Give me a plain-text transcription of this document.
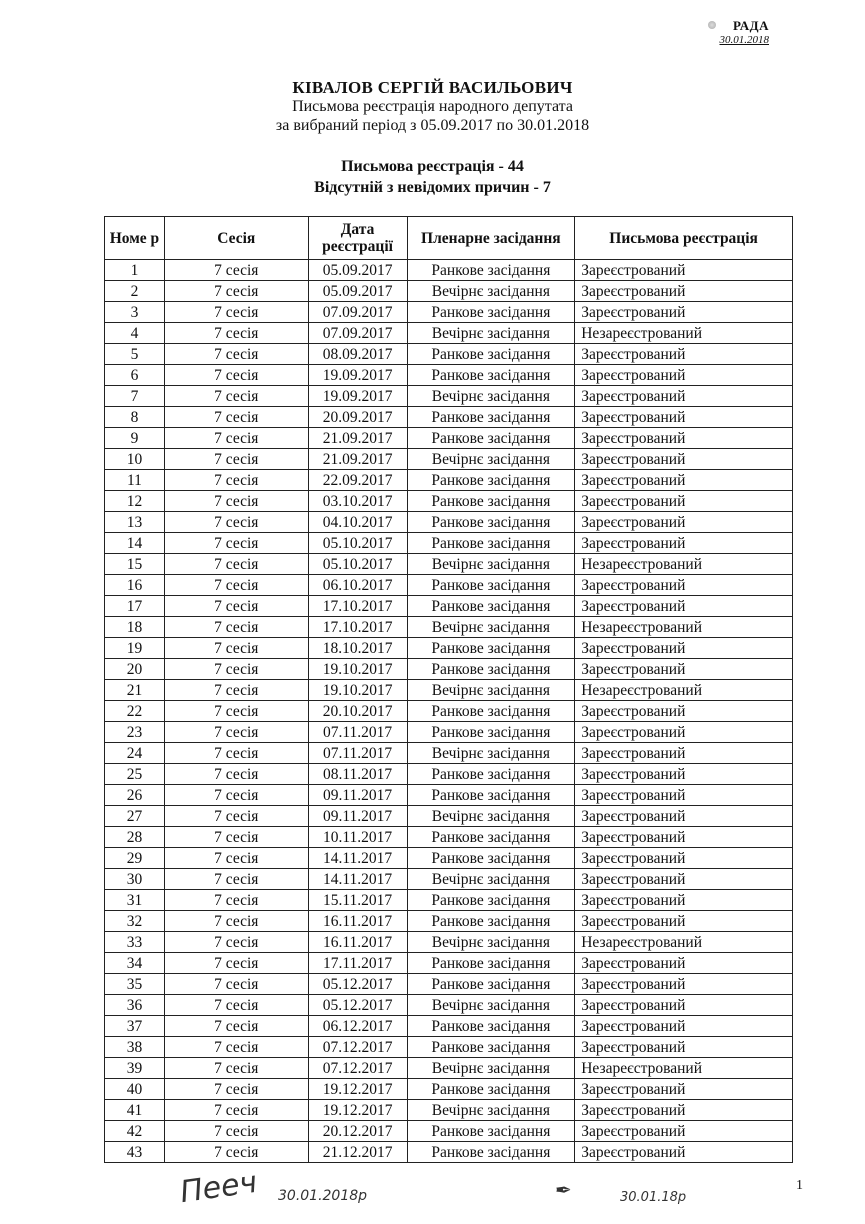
РАДА
30.01.2018
КІВАЛОВ СЕРГІЙ ВАСИЛЬОВИЧ
Письмова реєстрація народного депутата
за вибраний період з 05.09.2017 по 30.01.2018
Письмова реєстрація - 44
Відсутній з невідомих причин - 7
Номе р	Сесія	Дата реєстрації	Пленарне засідання	Письмова реєстрація
1	7 сесія	05.09.2017	Ранкове засідання	Зареєстрований
2	7 сесія	05.09.2017	Вечірнє засідання	Зареєстрований
3	7 сесія	07.09.2017	Ранкове засідання	Зареєстрований
4	7 сесія	07.09.2017	Вечірнє засідання	Незареєстрований
5	7 сесія	08.09.2017	Ранкове засідання	Зареєстрований
6	7 сесія	19.09.2017	Ранкове засідання	Зареєстрований
7	7 сесія	19.09.2017	Вечірнє засідання	Зареєстрований
8	7 сесія	20.09.2017	Ранкове засідання	Зареєстрований
9	7 сесія	21.09.2017	Ранкове засідання	Зареєстрований
10	7 сесія	21.09.2017	Вечірнє засідання	Зареєстрований
11	7 сесія	22.09.2017	Ранкове засідання	Зареєстрований
12	7 сесія	03.10.2017	Ранкове засідання	Зареєстрований
13	7 сесія	04.10.2017	Ранкове засідання	Зареєстрований
14	7 сесія	05.10.2017	Ранкове засідання	Зареєстрований
15	7 сесія	05.10.2017	Вечірнє засідання	Незареєстрований
16	7 сесія	06.10.2017	Ранкове засідання	Зареєстрований
17	7 сесія	17.10.2017	Ранкове засідання	Зареєстрований
18	7 сесія	17.10.2017	Вечірнє засідання	Незареєстрований
19	7 сесія	18.10.2017	Ранкове засідання	Зареєстрований
20	7 сесія	19.10.2017	Ранкове засідання	Зареєстрований
21	7 сесія	19.10.2017	Вечірнє засідання	Незареєстрований
22	7 сесія	20.10.2017	Ранкове засідання	Зареєстрований
23	7 сесія	07.11.2017	Ранкове засідання	Зареєстрований
24	7 сесія	07.11.2017	Вечірнє засідання	Зареєстрований
25	7 сесія	08.11.2017	Ранкове засідання	Зареєстрований
26	7 сесія	09.11.2017	Ранкове засідання	Зареєстрований
27	7 сесія	09.11.2017	Вечірнє засідання	Зареєстрований
28	7 сесія	10.11.2017	Ранкове засідання	Зареєстрований
29	7 сесія	14.11.2017	Ранкове засідання	Зареєстрований
30	7 сесія	14.11.2017	Вечірнє засідання	Зареєстрований
31	7 сесія	15.11.2017	Ранкове засідання	Зареєстрований
32	7 сесія	16.11.2017	Ранкове засідання	Зареєстрований
33	7 сесія	16.11.2017	Вечірнє засідання	Незареєстрований
34	7 сесія	17.11.2017	Ранкове засідання	Зареєстрований
35	7 сесія	05.12.2017	Ранкове засідання	Зареєстрований
36	7 сесія	05.12.2017	Вечірнє засідання	Зареєстрований
37	7 сесія	06.12.2017	Ранкове засідання	Зареєстрований
38	7 сесія	07.12.2017	Ранкове засідання	Зареєстрований
39	7 сесія	07.12.2017	Вечірнє засідання	Незареєстрований
40	7 сесія	19.12.2017	Ранкове засідання	Зареєстрований
41	7 сесія	19.12.2017	Вечірнє засідання	Зареєстрований
42	7 сесія	20.12.2017	Ранкове засідання	Зареєстрований
43	7 сесія	21.12.2017	Ранкове засідання	Зареєстрований
Пееч 30.01.2018р	✒	30.01.18р
1
